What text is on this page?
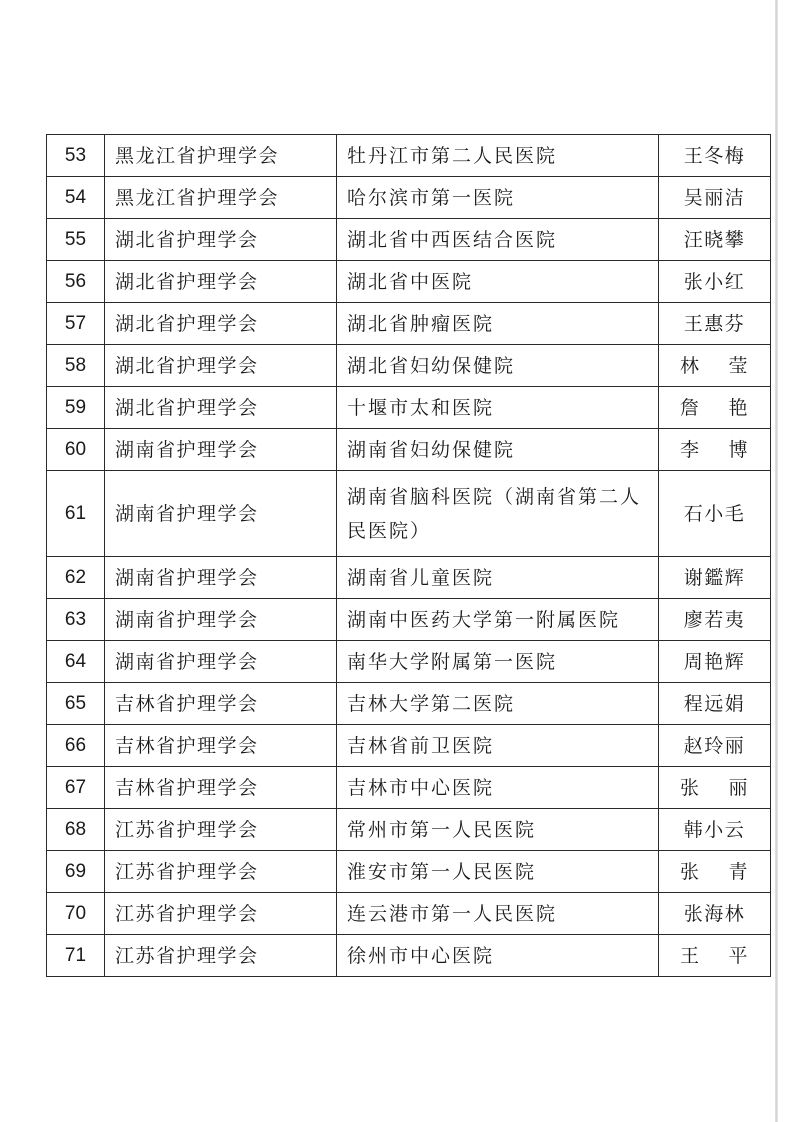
53	黑龙江省护理学会	牡丹江市第二人民医院	王冬梅
54	黑龙江省护理学会	哈尔滨市第一医院	吴丽洁
55	湖北省护理学会	湖北省中西医结合医院	汪晓攀
56	湖北省护理学会	湖北省中医院	张小红
57	湖北省护理学会	湖北省肿瘤医院	王惠芬
58	湖北省护理学会	湖北省妇幼保健院	林 莹
59	湖北省护理学会	十堰市太和医院	詹 艳
60	湖南省护理学会	湖南省妇幼保健院	李 博
61	湖南省护理学会	湖南省脑科医院（湖南省第二人民医院）	石小毛
62	湖南省护理学会	湖南省儿童医院	谢鑑辉
63	湖南省护理学会	湖南中医药大学第一附属医院	廖若夷
64	湖南省护理学会	南华大学附属第一医院	周艳辉
65	吉林省护理学会	吉林大学第二医院	程远娟
66	吉林省护理学会	吉林省前卫医院	赵玲丽
67	吉林省护理学会	吉林市中心医院	张 丽
68	江苏省护理学会	常州市第一人民医院	韩小云
69	江苏省护理学会	淮安市第一人民医院	张 青
70	江苏省护理学会	连云港市第一人民医院	张海林
71	江苏省护理学会	徐州市中心医院	王 平
